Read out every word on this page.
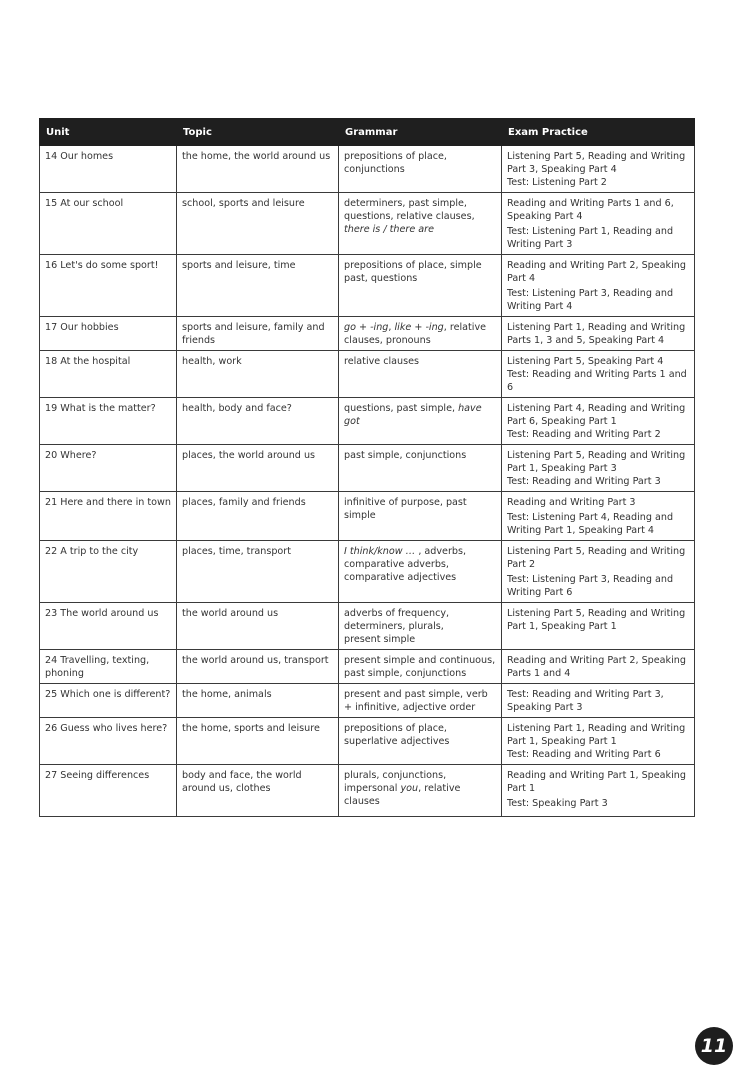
Unit	Topic	Grammar	Exam Practice
14 Our homes	the home, the world around us	prepositions of place, conjunctions	Listening Part 5, Reading and Writing Part 3, Speaking Part 4
Test: Listening Part 2

15 At our school	school, sports and leisure	determiners, past simple, questions, relative clauses,
there is / there are	Reading and Writing Parts 1 and 6, Speaking Part 4
Test: Listening Part 1, Reading and Writing Part 3

16 Let's do some sport!	sports and leisure, time	prepositions of place, simple past, questions	Reading and Writing Part 2, Speaking Part 4
Test: Listening Part 3, Reading and Writing Part 4

17 Our hobbies	sports and leisure, family and friends	go + -ing, like + -ing, relative clauses, pronouns	Listening Part 1, Reading and Writing Parts 1, 3 and 5, Speaking Part 4

18 At the hospital	health, work	relative clauses	Listening Part 5, Speaking Part 4
Test: Reading and Writing Parts 1 and 6

19 What is the matter?	health, body and face?	questions, past simple, have got	Listening Part 4, Reading and Writing Part 6, Speaking Part 1
Test: Reading and Writing Part 2

20 Where?	places, the world around us	past simple, conjunctions	Listening Part 5, Reading and Writing Part 1, Speaking Part 3
Test: Reading and Writing Part 3

21 Here and there in town	places, family and friends	infinitive of purpose, past simple	Reading and Writing Part 3
Test: Listening Part 4, Reading and Writing Part 1, Speaking Part 4

22 A trip to the city	places, time, transport	I think/know … , adverbs, comparative adverbs, comparative adjectives	Listening Part 5, Reading and Writing Part 2
Test: Listening Part 3, Reading and Writing Part 6

23 The world around us	the world around us	adverbs of frequency, determiners, plurals,
present simple	Listening Part 5, Reading and Writing Part 1, Speaking Part 1

24 Travelling, texting, phoning	the world around us, transport	present simple and continuous, past simple, conjunctions	Reading and Writing Part 2, Speaking Parts 1 and 4

25 Which one is different?	the home, animals	present and past simple, verb + infinitive, adjective order	Test: Reading and Writing Part 3, Speaking Part 3

26 Guess who lives here?	the home, sports and leisure	prepositions of place, superlative adjectives	Listening Part 1, Reading and Writing Part 1, Speaking Part 1
Test: Reading and Writing Part 6

27 Seeing differences	body and face, the world around us, clothes	plurals, conjunctions, impersonal you, relative clauses	Reading and Writing Part 1, Speaking Part 1
Test: Speaking Part 3
11
